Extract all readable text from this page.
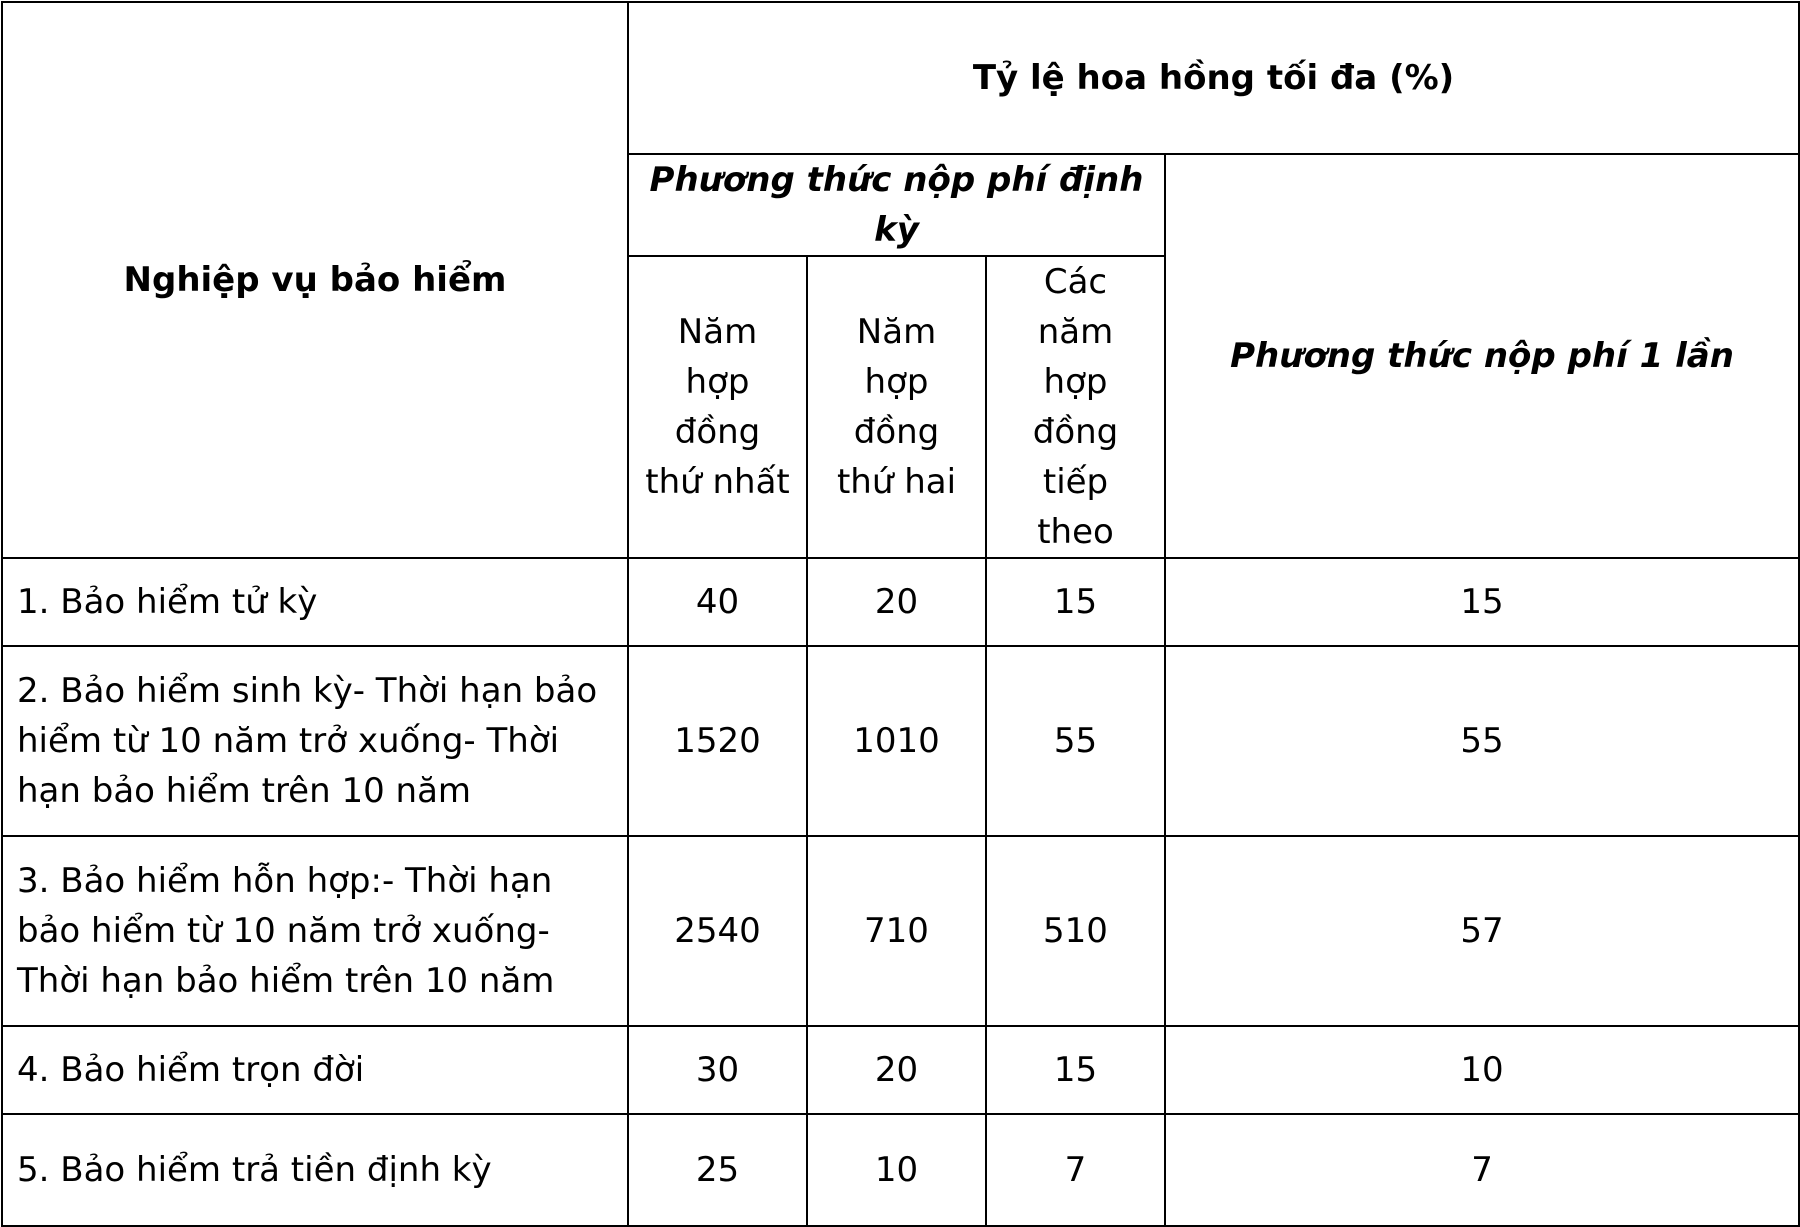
Nghiệp vụ bảo hiểm	Tỷ lệ hoa hồng tối đa (%)			
	Phương thức nộp phí định kỳ			Phương thức nộp phí 1 lần
	Năm hợp đồng thứ nhất	Năm hợp đồng thứ hai	Các năm hợp đồng tiếp theo	
1. Bảo hiểm tử kỳ	40	20	15	15
2. Bảo hiểm sinh kỳ- Thời hạn bảo hiểm từ 10 năm trở xuống- Thời hạn bảo hiểm trên 10 năm	1520	1010	55	55
3. Bảo hiểm hỗn hợp:- Thời hạn bảo hiểm từ 10 năm trở xuống- Thời hạn bảo hiểm trên 10 năm	2540	710	510	57
4. Bảo hiểm trọn đời	30	20	15	10
5. Bảo hiểm trả tiền định kỳ	25	10	7	7
